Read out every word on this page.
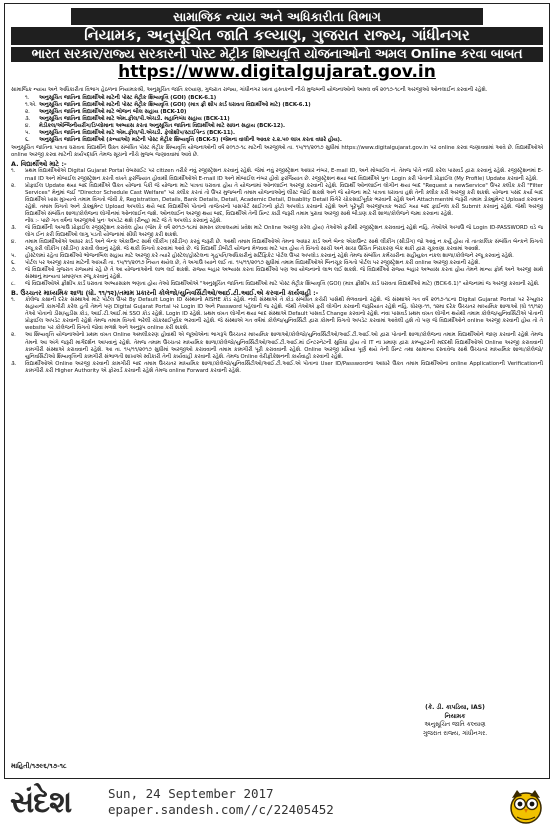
સામાજિક ન્યાય અને અધિકારીતા વિભાગ
નિયામક, અનુસૂચિત જાતિ કલ્યાણ, ગુજરાત રાજ્ય, ગાંધીનગર
ભારત સરકાર/રાજ્ય સરકારની પોસ્ટ મેટ્રીક શિષ્યવૃત્તિ યોજનાઓનો અમલ Online કરવા બાબત
https://www.digitalgujarat.gov.in

સામાજિક ન્યાય અને અધિકારીતા વિભાગ હેઠળના નિયામકશ્રી, અનુસૂચિત જાતિ કલ્યાણ, ગુજરાત રાજ્ય, ગાંધીનગર ખાતા હસ્તકની નીચે મુજબની યોજનાઓનો અમલ વર્ષ ૨૦૧૭-૧૮ની અરજીઓ ઓનલાઈન કરવાની રહેશે.

૧.	અનુસૂચિત જાતિના વિદ્યાર્થીઓ માટેની પોસ્ટ મેટ્રીક શિષ્યવૃત્તિ (GOI) (BCK-6.1)
૧.એ. અનુસૂચિત જાતિના વિદ્યાર્થીઓ માટેની પોસ્ટ મેટ્રીક શિષ્યવૃત્તિ (GOI) (માત્ર ફ્રી શીપ કાર્ડ ધરાવતા વિદ્યાર્થીઓ માટે) (BCK-6.1)
૨.	અનુસૂચિત જાતિના વિદ્યાર્થીઓ માટે ભોજન બીલ સહાય (BCK-10)
૩.	અનુસૂચિત જાતિના વિદ્યાર્થીઓ માટે એમ.ફીલ/પી.એચડી. મહાનિબંધ સહાય (BCK-11)
૪.	મેડીકલ/એન્જિનીયરીંગ/ડિપ્લોમાના અભ્યાસ કરતા અનુસૂચિત જાતિના વિદ્યાર્થીઓ માટે સાધન સહાય (BCK-12).
૫.	અનુસૂચિત જાતિના વિદ્યાર્થીઓ માટે એમ.ફીલ/પી.એચડી. ફેલોશીપ/સ્ટાઈપેન્ડ (BCK-11).
૬.	અનુસૂચિત જાતિના વિદ્યાર્થીઓ (કન્યાઓ) માટેની પોસ્ટ મેટ્રીક શિષ્યવૃત્તિ (BCK-5) (જેમના વાલીની આવક ર.૨.૫૦ લાખ કરતા વધારે હોય).

અનુસૂચિત જાતિના પાત્રતા ધરાવતા વિદ્યાર્થીને ઉક્ત સંબંધિત પોસ્ટ મેટ્રીક શિષ્યવૃત્તિ યોજનાઓની વર્ષ ૨૦૧૭-૧૮ માટેની અરજીઓ તા. ૧૫/૧૧/૨૦૧૭ સુધીમાં https://www.digitalgujarat.gov.in પર online કરવા જણાવવામાં આવે છે. વિદ્યાર્થીઓએ online અરજી કરવા માટેની કાર્યપદ્ધતિ તેમજ સૂચનો નીચે મુજબ જણાવવામાં આવે છે.

A. વિદ્યાર્થીઓ માટે :-
૧.	પ્રથમ વિદ્યાર્થીઓએ Digital Gujarat Portal વેબસાઈટ પર citizen તરીકે નવું રજીસ્ટ્રેશન કરવાનું રહેશે. જેમાં નવું રજીસ્ટ્રેશન આધાર નંબર, E-mail ID, અને મોબાઈલ નં. તેમજ પોતે નક્કી કરેલ પાસવર્ડ દ્વારા કરવાનું રહેશે. રજીસ્ટ્રેશનમાં E-mail ID અને મોબાઈલ રજીસ્ટ્રેશન કરતી વખતે ફરજિયાત હોવાથી વિદ્યાર્થીઓએ E-mail ID અને મોબાઈલ નંબર હોવો ફરજિયાત છે. રજીસ્ટ્રેશન થયા બાદ વિદ્યાર્થીએ પુનઃ Login કરી પોતાની પ્રોફાઈલ (My Profile) Update કરવાની રહેશે.
૨.	પ્રોફાઈલ Update થયા બાદ વિદ્યાર્થીએ ઉક્ત યોજના પૈકી જે યોજના માટે પાત્રતા ધરાવતા હોય તે યોજનામાં ઓનલાઈન અરજી કરવાની રહેશે. વિદ્યાર્થી ઓનલાઈન લોગીન થયા બાદ "Request a newService" ઉપર ક્લીક કરી "Filter Services" મેનુમાં જઈ "Director Schedule Cast Welfare" પર ક્લીક કરતાં તો ઉપર મુજબની તમામ યોજનાઓનું લીસ્ટ જોઈ શકશે અને જે યોજના માટે પાત્રતા ધરાવતા હશે તેની ક્લીક કરી અરજી કરી શકશે. યોજના પસંદ કર્યા બાદ વિદ્યાર્થીએ ખાસ મુખ્યત્વે તમામ વિગતો જેવી કે, Registration, Details, Bank Details, Detail, Academic Detail, Disablity Detail વિગેરે ચોકસાઈપૂર્વક ભરવાની રહેશે અને Attachmentમાં જરૂરી તમામ ડોક્યુમેન્ટ Upload કરવાના રહેશે. તમામ વિગતો અને ડોક્યુમેન્ટ Upload અપલોડ થયે બાદ વિદ્યાર્થીએ પોતાનો તાજેતરનો પાસપોર્ટ સાઈઝનો ફોટો અપલોડ કરવાનો રહેશે અને પૂરેપૂરી અરજીપત્રક ભરાઈ ગયા બાદ ફાઈનલ કરી Submit કરવાનું રહેશે. જેથી અરજી વિદ્યાર્થીએ સંબંધિત શાળા/કોલેજના લોગીનમાં ઓનલાઈન જશે. ઓનલાઈન અરજી થયા બાદ, વિદ્યાર્થીએ તેની પ્રિન્ટ કાઢી જરૂરી તમામ પુરાવા અરજી સાથે બીડાણ કરી શાળા/કોલેજને જમા કરવાના રહેશે.
નોંધ :- પાછે ગત વર્ષના અરજીઓ પુનઃ અપડેટ થશે (રીન્યુ) માટે જે તે અપલોડ કરવાનું રહેશે.
૩.	જે વિદ્યાર્થીની અગાઉ પ્રોફાઈલ રજીસ્ટ્રેશન કરાવેલ હોય (જેમ કે વર્ષ ૨૦૧૭-૧૮માં સમસ્ત છાત્રાલયમાં પ્રવેશ માટે Online અરજી કરેલ હોય) તેઓએ ફરીથી રજીસ્ટ્રેશન કરાવવાનું રહેશે નહિ. તેઓએ અગાઉ જે Login ID-PASSWORD વડે જ લોગ ઈન કરી વિદ્યાર્થીઓ લાગુ પડતી યોજનામાં સીધી અરજી કરી શકશે.
૪.	તમામ વિદ્યાર્થીઓએ આધાર કાર્ડ અને બેન્ક એકાઉન્ટ સાથે લીંકીંગ (સીડીંગ) કરવું જરૂરી છે. આથી તમામ વિદ્યાર્થીઓએ તેમના આધાર કાર્ડ અને બેન્ક એકાઉન્ટ સાથે લીંકીંગ (સીડીંગ) જો આવું ન કર્યું હોય તો તાત્કાલિક સંબંધિત બેન્કને વિગતો રજૂ કરી લીંકીંગ (સીડીંગ) કરાવી લેવાનું રહેશે. જે થકી વિગતો કરવામાં આવે છે. જે વિદ્યાર્થી ડીબીટી યોજના મેળવવા માટે પાત્ર હોય તે વિગતો સાચી અને સાચા ઉચિત નિરાકરણ બેંક થકી દ્વારા ચૂકવણા કરવામાં આવશે.
૫.	હોસ્ટેલમાં રહેતા વિદ્યાર્થીઓ ભોજનબિલ સહાય માટે અરજી કરે ત્યારે હોસ્ટેલ/હોસ્ટેલના ગૃહપતિ/અધિકારીનું સર્ટિફિકેટ પોર્ટલ ઉપર અપલોડ કરવાનું રહેશે તેમજ સંબંધિત કર્મચારીના સહીયુક્ત નકલ શાળા/કોલેજને રજૂ કરવાનું રહેશે.
૬.	પોર્ટલ પર અરજી કરવા માટેની આખરી તા. ૧૫/૧૧/૨૦૧૭ નિયત થયેલ છે, તે અગાઉ ધ્યાને લઈ તા. ૧૫/૧૧/૨૦૧૭ સુધીમાં તમામ વિદ્યાર્થીઓએ બિનચૂક વિગતો પોર્ટલ પર રજીસ્ટ્રેશન કરી online અરજી કરવાની રહેશે.
૭.	જે વિદ્યાર્થીઓ ગુજરાત રાજ્યમાં રહે છે તે આ યોજનાઓનો લાભ લઈ શકશે. રાજ્ય બહાર અભ્યાસ કરતા વિદ્યાર્થીઓ પણ આ યોજનાનો લાભ લઈ શકશે. જે વિદ્યાર્થીઓ રાજ્ય બહાર અભ્યાસ કરતા હોય તેમને માન્ય ફોર્મ અને અરજી સાથે સંસ્થાનું માન્યતા પ્રમાણપત્ર રજૂ કરવાનું રહેશે.
૮.	જે વિદ્યાર્થીઓએ ફ્રીશીપ કાર્ડ ધરાવતા અભ્યાસક્રમ ભણતા હોય તેઓ વિદ્યાર્થીઓએ "અનુસૂચિત જાતિના વિદ્યાર્થીઓ માટે પોસ્ટ મેટ્રીક શિષ્યવૃત્તિ (GOI) (માત્ર ફ્રીશીપ કાર્ડ ધરાવતા વિદ્યાર્થીઓ માટે) (BCK-6.1)" યોજનામાં જ અરજી કરવાની રહેશે.
B. ઉચ્ચતર માધ્યમિક શાળા (ધો. ૧૧/૧૨)/તમામ પ્રકારની કોલેજો/યુનિવર્સિટીઓ/આઈ.ટી.આઈ.એ કરવાની કાર્યવાહી :-
૧.	કોલેજ કક્ષાની દરેક સંસ્થાઓ માટે પોર્ટલ ઉપર By Default Login ID સંસ્થાનો AISHE કોડ રહેશે. નવી સંસ્થાએ તે કોડ સંબંધિત કચેરી પાસેથી મેળવવાનો રહેશે. જે સંસ્થાએ ગત વર્ષ ૨૦૧૭-૧૮ના Digital Gujarat Portal પર રેગ્યુલર સહાયની કામગીરી કરેલ હતી તેમને પણ Digital Gujarat Portal પર Login ID અને Password પહેલાની જ રહેશે. જેથી તેઓએ ફરી લોગીન કરવાની જરૂરિયાત રહેશે નહિ. ધોરણ-૧૧, ૧૨મા દરેક ઉચ્ચતર માધ્યમિક શાળાઓ (ધો ૧૧/૧૨) તેઓ પોતાનો ડીસ/યુડીસ કોડ, આઈ.ટી.આઈ.માં SSO કોડ રહેશે. Login ID રહેશે. પ્રથમ વખત લોગીન થયા બાદ સંસ્થાએ Default પાસવર્ડ Change કરવાનો રહેશે. નવા પાસવર્ડ પ્રથમ વખત લોગીન થયેથી તમામ કોલેજ/યુનિવર્સિટીએ પોતાની પ્રોફાઈલ અપડેટ કરવાની રહેશે તેમજ તમામ વિગતો ભરેલી ચોકસાઈપૂર્વક ભરવાની રહેશે. જે સંસ્થાએ ગત વર્ષમાં કોલેજ/યુનિવર્સિટી દ્વારા કોમની વિગતો અપડેટ કરવામાં આવેલી હશે તો પણ જે વિદ્યાર્થીઓને online અરજી કરવાની હોય તો તે website પર કોલેજની વિગતો જોવા મળશે અને અનુરૂપ online કરી શકશે.
૨.	આ શિષ્યવૃત્તિ યોજનાઓનો પ્રથમ વખત Online અમલીકરણ હોવાથી એ જૂઓએના ભાગરૂપે ઉચ્ચતર માધ્યમિક શાળાઓ/કોલેજો/યુનિવર્સિટીઓ/આઈ.ટી.આઈ.ઓ દ્વારા પોતાની શાળા/કોલેજના તમામ વિદ્યાર્થીઓને જાણ કરવાની રહેશે તેમજ તેમનો આ અંગે જરૂરી માર્ગદર્શન આપવાનું રહેશે. તેમજ તમામ ઉચ્ચતર માધ્યમિક શાળા/કોલેજો/યુનિવર્સિટીઓ/આઈ.ટી.આઈ.માં ઈન્ટરનેટની સુવિધા હોય તો IT ના પ્રમાણ દ્વારા કમ્પ્યુટરની મદદથી વિદ્યાર્થીઓએ Online અરજી કરાવવાની કામગીરી સંસ્થાએ કરાવવાની રહેશે. આ તા. ૧૫/૧૧/૨૦૧૭ સુધીમાં અરજીઓ કરાવવાની તમામ કામગીરી પૂરી કરાવવાની રહેશે. Online અરજી પ્રક્રિયા પૂર્ણ થયે તેની પ્રિન્ટ તથા સામાન્ય દસ્તાવેજ સાથે ઉચ્ચતર માધ્યમિક શાળા/કોલેજો/યુનિવર્સિટીઓ શિષ્યવૃત્તિની કામગીરી સંભાળતી શાખાએ સ્વીકારી તેની કાર્યવાહી કરવાની રહેશે. તેમજ Online વેરીફીકેશનની કાર્યવાહી કરવાની રહેશે.
૩.	વિદ્યાર્થીઓએ Online અરજી કરવાની કામગીરી બાદ તમામ ઉચ્ચતર માધ્યમિક શાળા/કોલેજો/યુનિવર્સિટીઓ/આઈ.ટી.આઈ.એ પોતાના User ID/Passwordના આધારે ઉક્ત તમામ વિદ્યાર્થીઓના online Applicationની Verificationની કામગીરી કરી Higher Authority એ ફોરવર્ડ કરવાની રહેશે તેમજ online Forward કરવાની રહેશે.
(કે. ડી. કાપડિયા, IAS)
નિયામક
અનુસૂચિત જાતિ કલ્યાણ
ગુજરાત રાજ્ય, ગાંધીનગર.
માહિતી/૧૭૯૬/૧૭-૧૮
સંદેશ	Sun, 24 September 2017
epaper.sandesh.com//c/22405452
